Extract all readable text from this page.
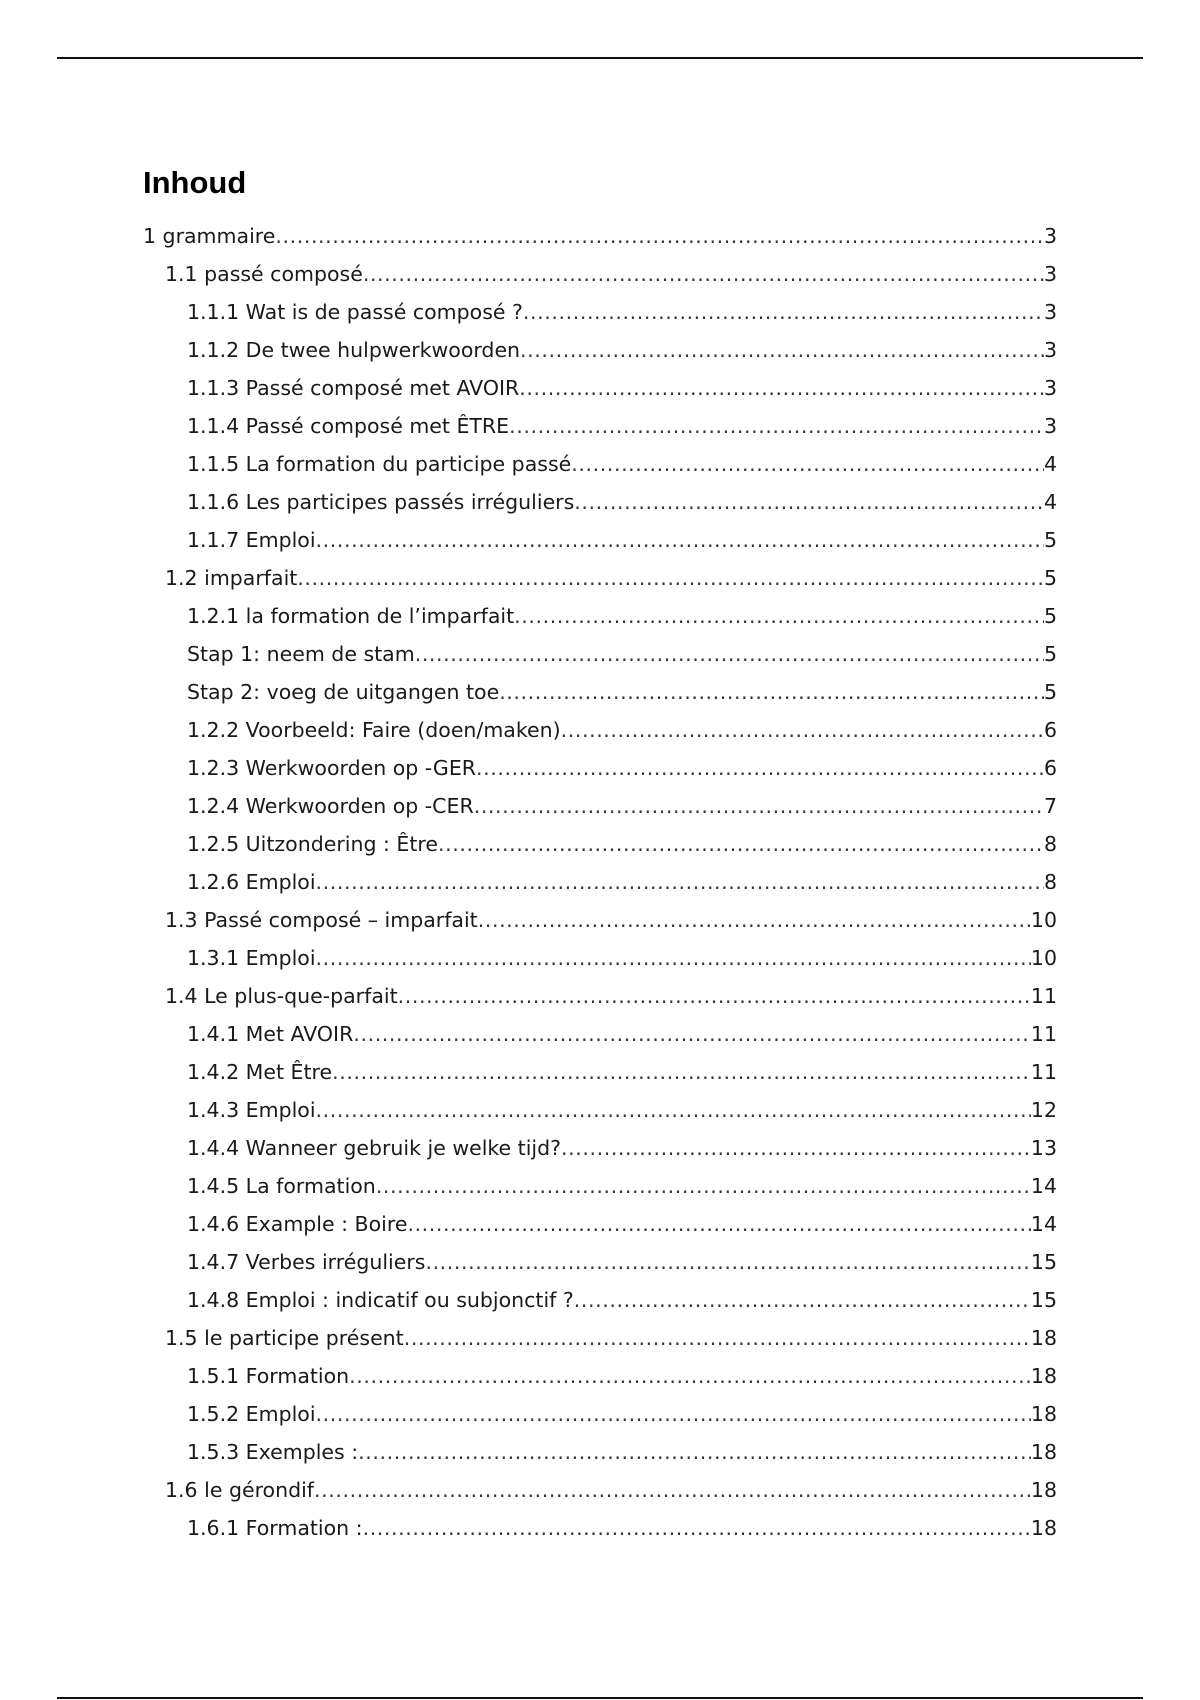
Inhoud
1 grammaire .....	3
1.1 passé composé .....	3
1.1.1 Wat is de passé composé ? .....	3
1.1.2 De twee hulpwerkwoorden .....	3
1.1.3 Passé composé met AVOIR .....	3
1.1.4 Passé composé met ÊTRE .....	3
1.1.5 La formation du participe passé .....	4
1.1.6 Les participes passés irréguliers .....	4
1.1.7 Emploi .....	5
1.2 imparfait .....	5
1.2.1 la formation de l’imparfait .....	5
Stap 1: neem de stam .....	5
Stap 2: voeg de uitgangen toe .....	5
1.2.2 Voorbeeld: Faire (doen/maken) .....	6
1.2.3 Werkwoorden op -GER .....	6
1.2.4 Werkwoorden op -CER .....	7
1.2.5 Uitzondering : Être .....	8
1.2.6 Emploi .....	8
1.3 Passé composé – imparfait .....	10
1.3.1 Emploi .....	10
1.4 Le plus-que-parfait .....	11
1.4.1 Met AVOIR .....	11
1.4.2 Met Être .....	11
1.4.3 Emploi .....	12
1.4.4 Wanneer gebruik je welke tijd? .....	13
1.4.5 La formation .....	14
1.4.6 Example : Boire .....	14
1.4.7 Verbes irréguliers .....	15
1.4.8 Emploi : indicatif ou subjonctif ? .....	15
1.5 le participe présent .....	18
1.5.1 Formation .....	18
1.5.2 Emploi .....	18
1.5.3 Exemples : .....	18
1.6 le gérondif .....	18
1.6.1 Formation : .....	18
